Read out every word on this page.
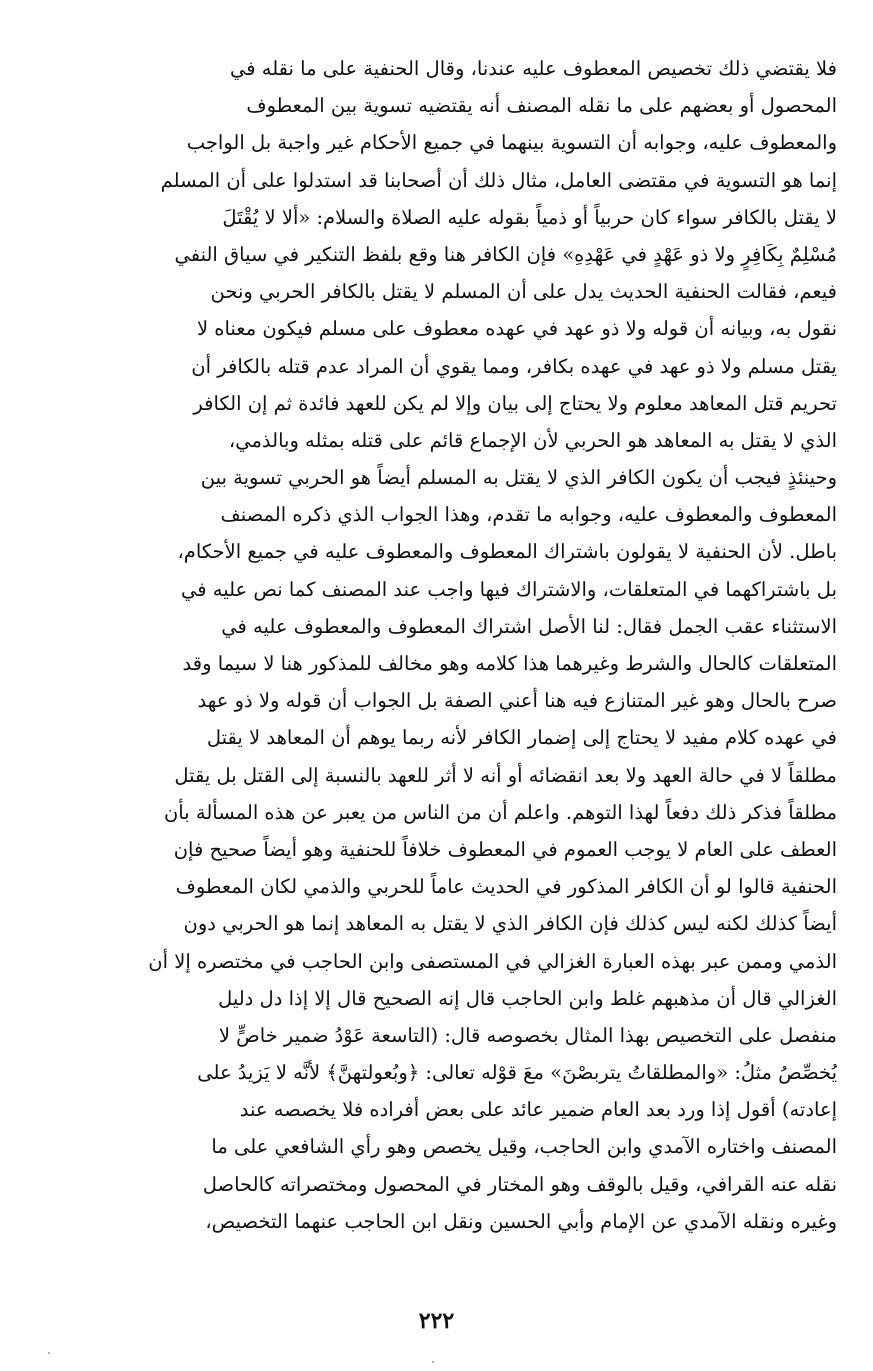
فلا يقتضي ذلك تخصيص المعطوف عليه عندنا، وقال الحنفية على ما نقله في
المحصول أو بعضهم على ما نقله المصنف أنه يقتضيه تسوية بين المعطوف
والمعطوف عليه، وجوابه أن التسوية بينهما في جميع الأحكام غير واجبة بل الواجب
إنما هو التسوية في مقتضى العامل، مثال ذلك أن أصحابنا قد استدلوا على أن المسلم
لا يقتل بالكافر سواء كان حربياً أو ذمياً بقوله عليه الصلاة والسلام: «ألا لا يُقْتَلَ
مُسْلِمٌ بِكَافِرٍ ولا ذو عَهْدٍ في عَهْدِهِ» فإن الكافر هنا وقع بلفظ التنكير في سياق النفي
فيعم، فقالت الحنفية الحديث يدل على أن المسلم لا يقتل بالكافر الحربي ونحن
نقول به، وبيانه أن قوله ولا ذو عهد في عهده معطوف على مسلم فيكون معناه لا
يقتل مسلم ولا ذو عهد في عهده بكافر، ومما يقوي أن المراد عدم قتله بالكافر أن
تحريم قتل المعاهد معلوم ولا يحتاج إلى بيان وإلا لم يكن للعهد فائدة ثم إن الكافر
الذي لا يقتل به المعاهد هو الحربي لأن الإجماع قائم على قتله بمثله وبالذمي،
وحينئذٍ فيجب أن يكون الكافر الذي لا يقتل به المسلم أيضاً هو الحربي تسوية بين
المعطوف والمعطوف عليه، وجوابه ما تقدم، وهذا الجواب الذي ذكره المصنف
باطل. لأن الحنفية لا يقولون باشتراك المعطوف والمعطوف عليه في جميع الأحكام،
بل باشتراكهما في المتعلقات، والاشتراك فيها واجب عند المصنف كما نص عليه في
الاستثناء عقب الجمل فقال: لنا الأصل اشتراك المعطوف والمعطوف عليه في
المتعلقات كالحال والشرط وغيرهما هذا كلامه وهو مخالف للمذكور هنا لا سيما وقد
صرح بالحال وهو غير المتنازع فيه هنا أعني الصفة بل الجواب أن قوله ولا ذو عهد
في عهده كلام مفيد لا يحتاج إلى إضمار الكافر لأنه ربما يوهم أن المعاهد لا يقتل
مطلقاً لا في حالة العهد ولا بعد انقضائه أو أنه لا أثر للعهد بالنسبة إلى القتل بل يقتل
مطلقاً فذكر ذلك دفعاً لهذا التوهم. واعلم أن من الناس من يعبر عن هذه المسألة بأن
العطف على العام لا يوجب العموم في المعطوف خلافاً للحنفية وهو أيضاً صحيح فإن
الحنفية قالوا لو أن الكافر المذكور في الحديث عاماً للحربي والذمي لكان المعطوف
أيضاً كذلك لكنه ليس كذلك فإن الكافر الذي لا يقتل به المعاهد إنما هو الحربي دون
الذمي وممن عبر بهذه العبارة الغزالي في المستصفى وابن الحاجب في مختصره إلا أن
الغزالي قال أن مذهبهم غلط وابن الحاجب قال إنه الصحيح قال إلا إذا دل دليل
منفصل على التخصيص بهذا المثال بخصوصه قال: (التاسعة عَوْدُ ضمير خاصٍّ لا
يُخصِّصُ مثلُ: «والمطلقاتُ يتربصْنَ» معَ قوْله تعالى: ﴿وبُعولتهنَّ﴾ لأنَّه لا يَزيدُ على
إعادته) أقول إذا ورد بعد العام ضمير عائد على بعض أفراده فلا يخصصه عند
المصنف واختاره الآمدي وابن الحاجب، وقيل يخصص وهو رأي الشافعي على ما
نقله عنه القرافي، وقيل بالوقف وهو المختار في المحصول ومختصراته كالحاصل
وغيره ونقله الآمدي عن الإمام وأبي الحسين ونقل ابن الحاجب عنهما التخصيص،
٢٢٢
